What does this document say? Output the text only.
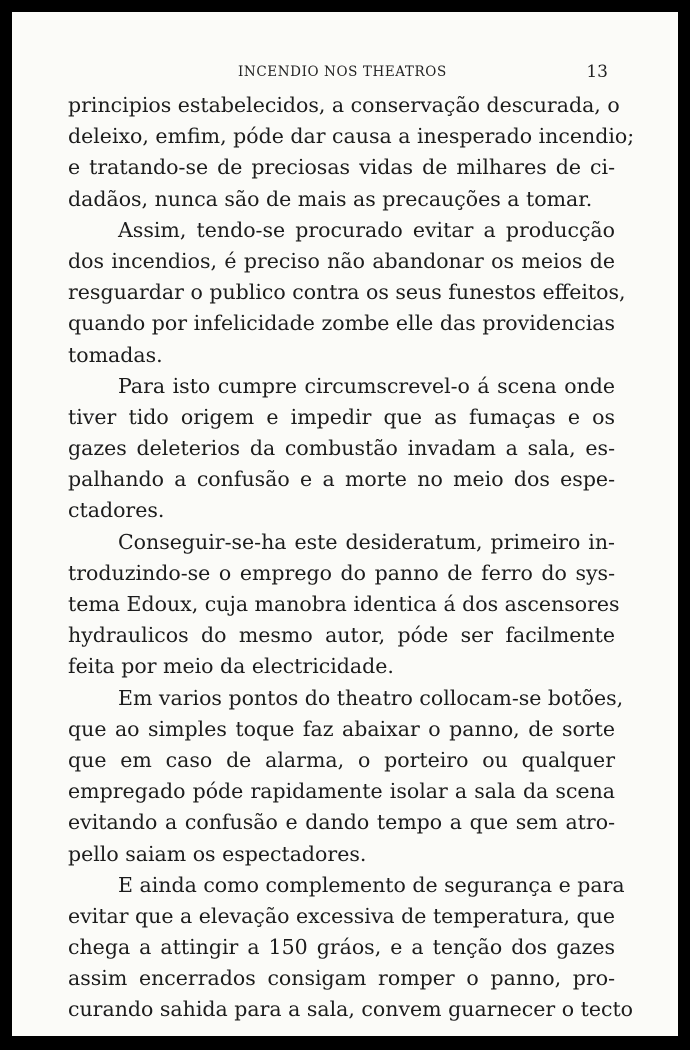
INCENDIO NOS THEATROS	13
principios estabelecidos, a conservação descurada, o
deleixo, emfim, póde dar causa a inesperado incendio;
e tratando-se de preciosas vidas de milhares de ci-
dadãos, nunca são de mais as precauções a tomar.
Assim, tendo-se procurado evitar a producção
dos incendios, é preciso não abandonar os meios de
resguardar o publico contra os seus funestos effeitos,
quando por infelicidade zombe elle das providencias
tomadas.
Para isto cumpre circumscrevel-o á scena onde
tiver tido origem e impedir que as fumaças e os
gazes deleterios da combustão invadam a sala, es-
palhando a confusão e a morte no meio dos espe-
ctadores.
Conseguir-se-ha este desideratum, primeiro in-
troduzindo-se o emprego do panno de ferro do sys-
tema Edoux, cuja manobra identica á dos ascensores
hydraulicos do mesmo autor, póde ser facilmente
feita por meio da electricidade.
Em varios pontos do theatro collocam-se botões,
que ao simples toque faz abaixar o panno, de sorte
que em caso de alarma, o porteiro ou qualquer
empregado póde rapidamente isolar a sala da scena
evitando a confusão e dando tempo a que sem atro-
pello saiam os espectadores.
E ainda como complemento de segurança e para
evitar que a elevação excessiva de temperatura, que
chega a attingir a 150 gráos, e a tenção dos gazes
assim encerrados consigam romper o panno, pro-
curando sahida para a sala, convem guarnecer o tecto
